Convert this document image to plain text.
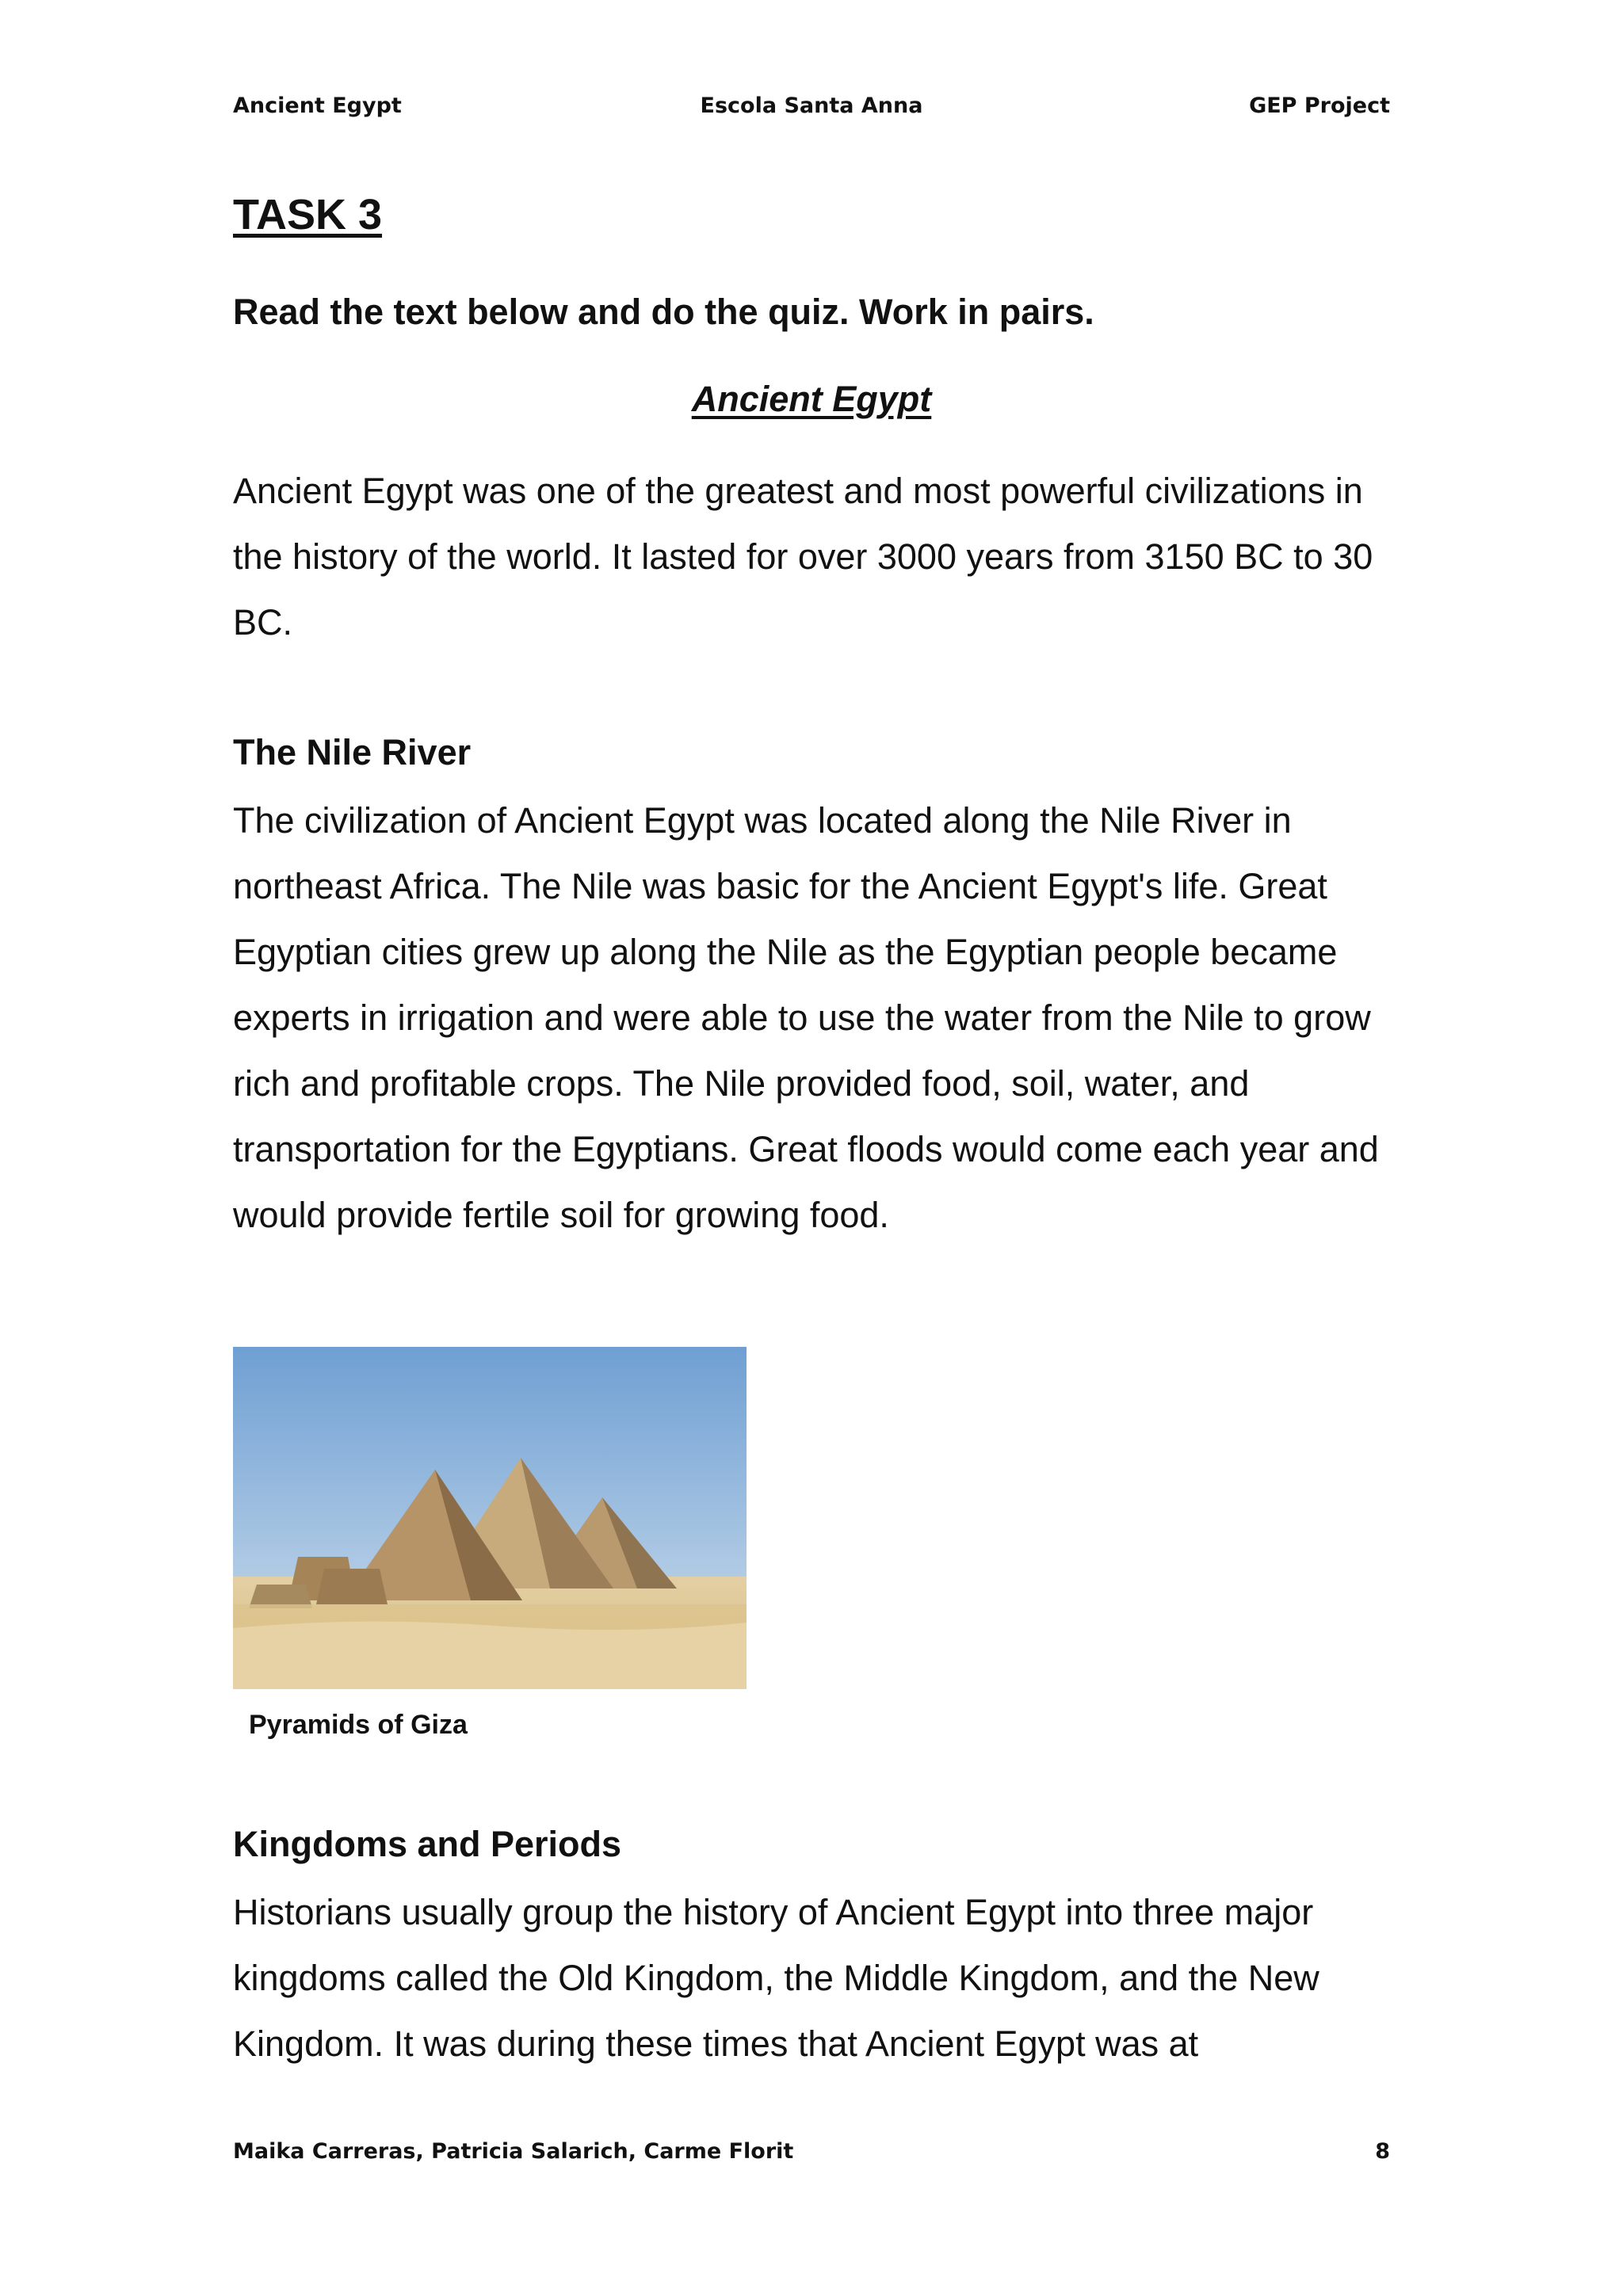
Ancient Egypt	Escola Santa Anna	GEP Project
TASK 3

Read the text below and do the quiz. Work in pairs.

Ancient Egypt

Ancient Egypt was one of the greatest and most powerful civilizations in the history of the world. It lasted for over 3000 years from 3150 BC to 30 BC.

The Nile River

The civilization of Ancient Egypt was located along the Nile River in northeast Africa. The Nile was basic for the Ancient Egypt's life. Great Egyptian cities grew up along the Nile as the Egyptian people became experts in irrigation and were able to use the water from the Nile to grow rich and profitable crops. The Nile provided food, soil, water, and transportation for the Egyptians. Great floods would come each year and would provide fertile soil for growing food.

Pyramids of Giza

Kingdoms and Periods

Historians usually group the history of Ancient Egypt into three major kingdoms called the Old Kingdom, the Middle Kingdom, and the New Kingdom. It was during these times that Ancient Egypt was at

Maika Carreras, Patricia Salarich, Carme Florit	8
